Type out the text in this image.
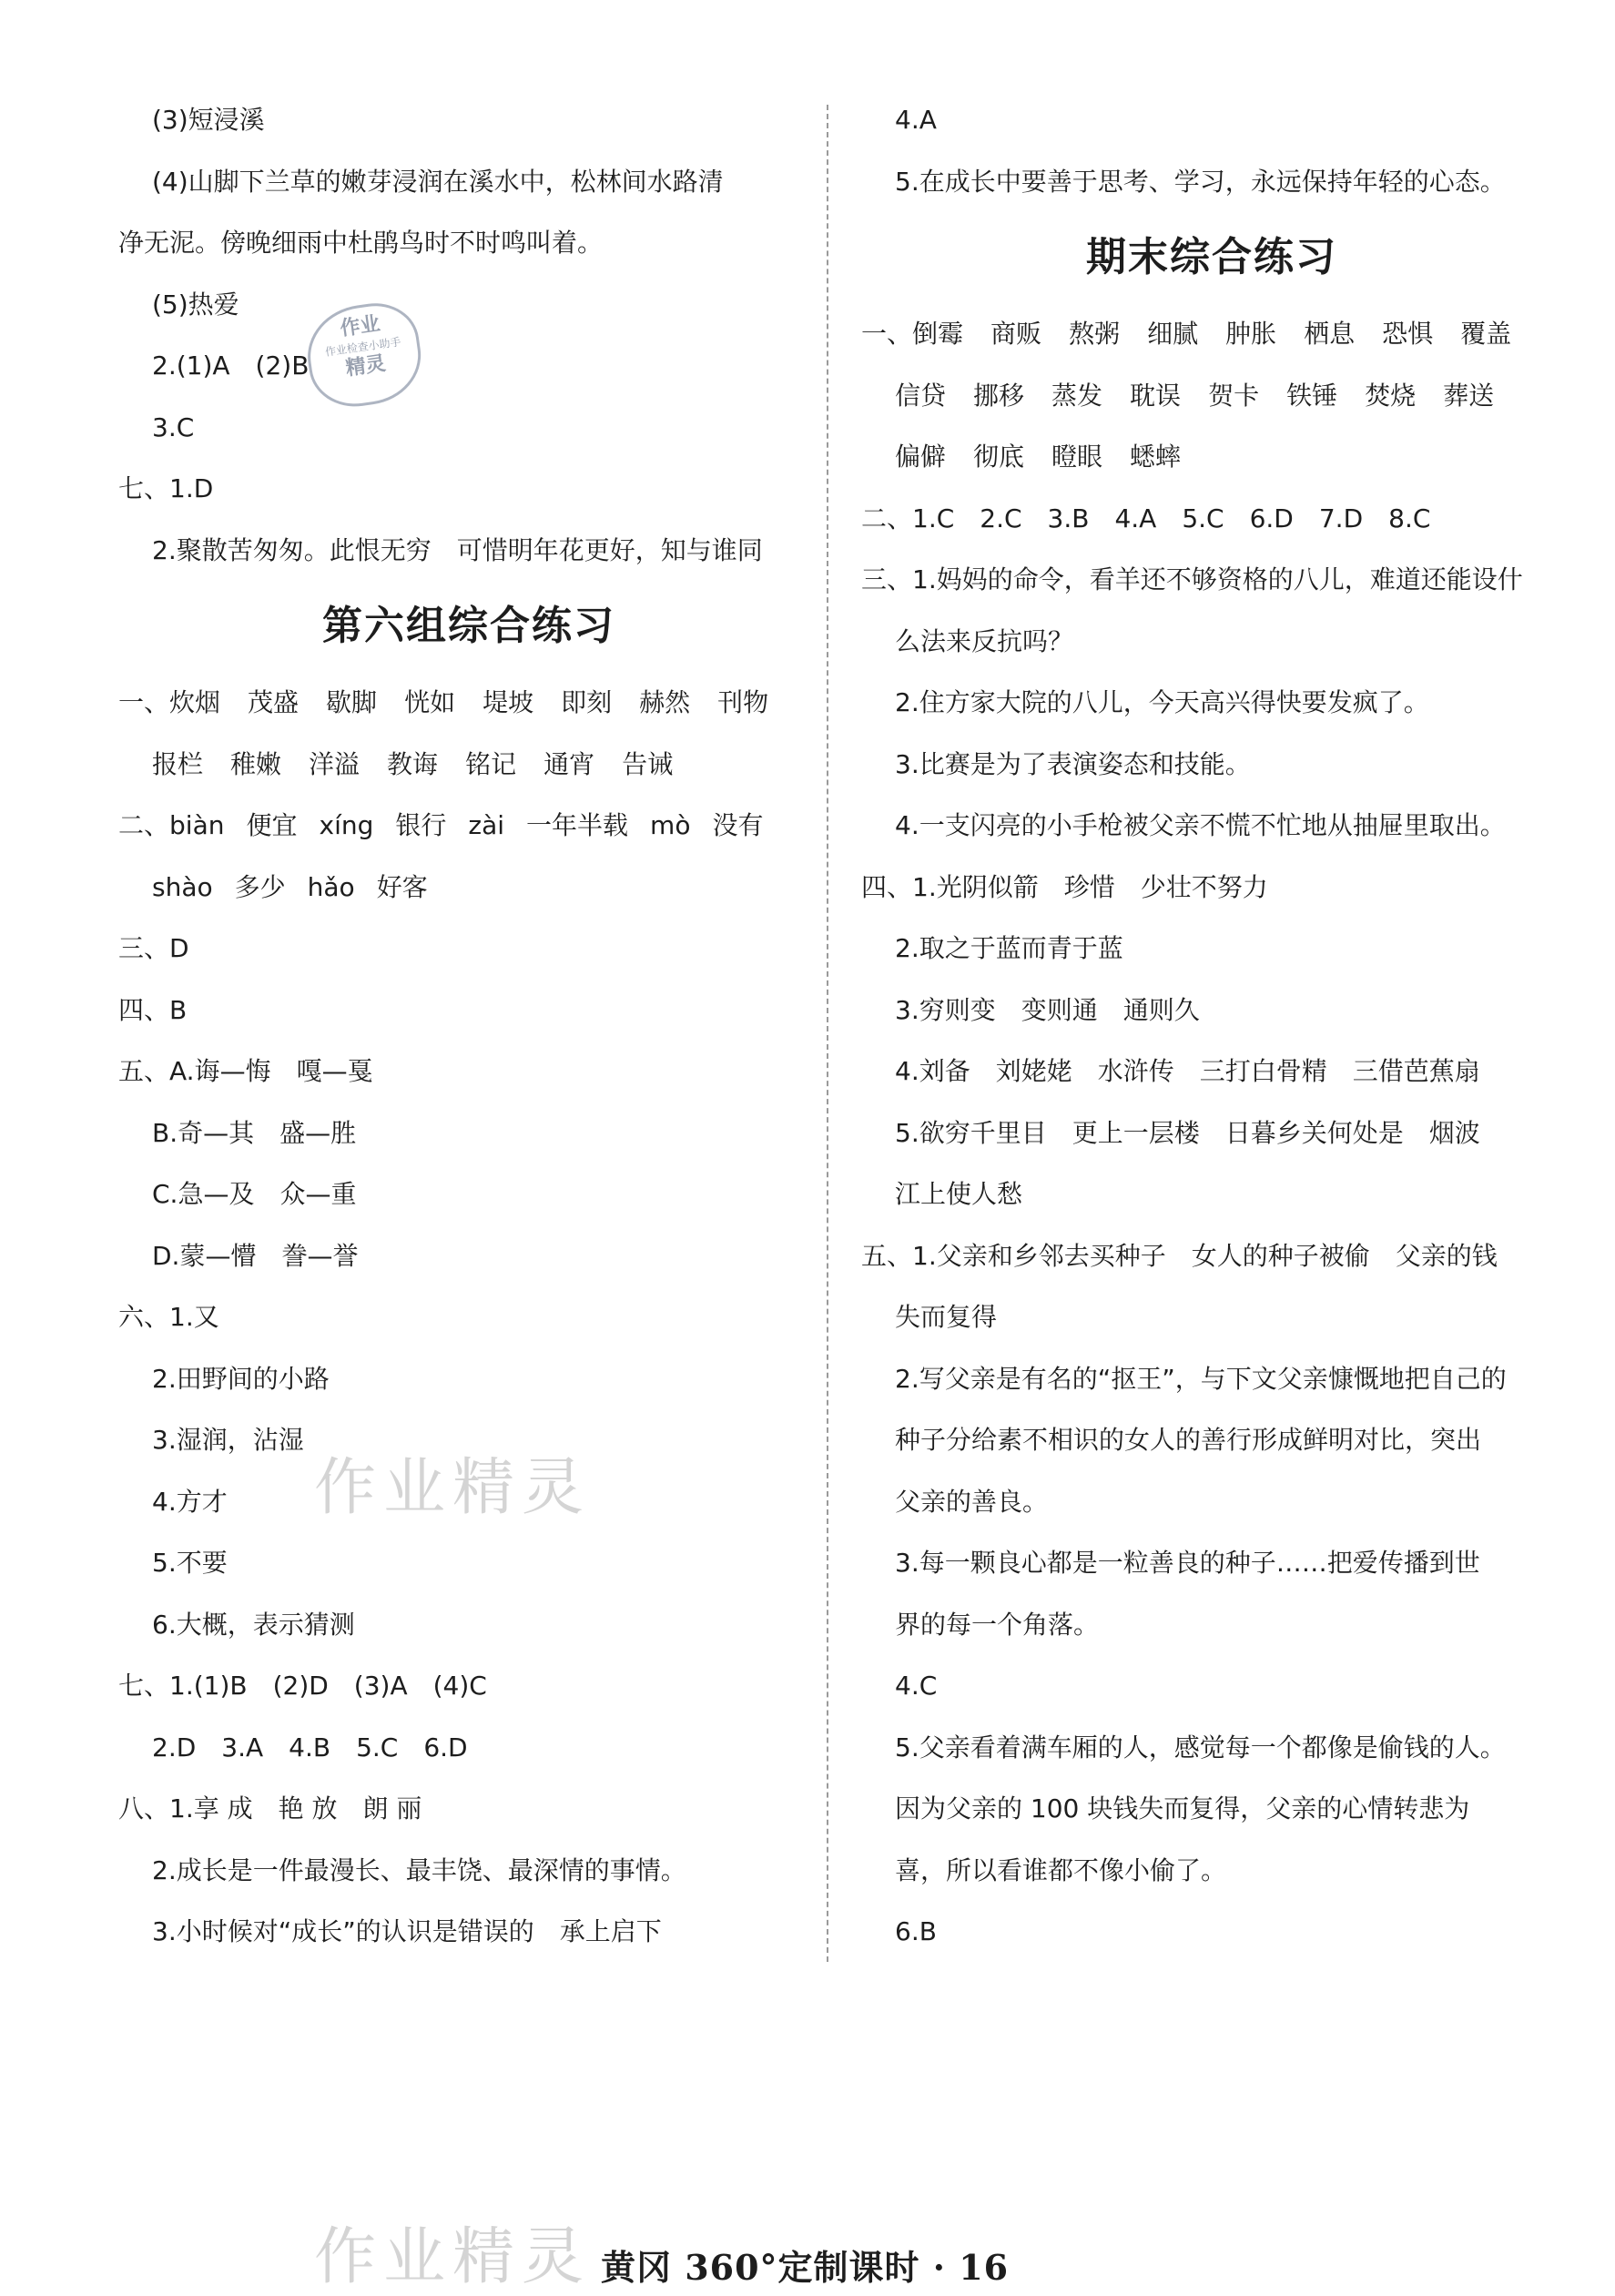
(3)短浸溪
(4)山脚下兰草的嫩芽浸润在溪水中，松林间水路清
净无泥。傍晚细雨中杜鹃鸟时不时鸣叫着。
(5)热爱
2.(1)A　(2)B
3.C
七、1.D
2.聚散苦匆匆。此恨无穷　可惜明年花更好，知与谁同
第六组综合练习
一、炊烟 茂盛 歇脚 恍如 堤坡 即刻 赫然 刊物
报栏 稚嫩 洋溢 教诲 铭记 通宵 告诫
二、biàn 便宜 xíng 银行 zài 一年半载 mò 没有
shào 多少 hǎo 好客
三、D
四、B
五、A.诲—悔　嘎—戛
B.奇—其　盛—胜
C.急—及　众—重
D.蒙—懵　誊—誉
六、1.又
2.田野间的小路
3.湿润，沾湿
4.方才
5.不要
6.大概，表示猜测
七、1.(1)B　(2)D　(3)A　(4)C
2.D　3.A　4.B　5.C　6.D
八、1.享 成　艳 放　朗 丽
2.成长是一件最漫长、最丰饶、最深情的事情。
3.小时候对“成长”的认识是错误的　承上启下
4.A
5.在成长中要善于思考、学习，永远保持年轻的心态。
期末综合练习
一、倒霉 商贩 熬粥 细腻 肿胀 栖息 恐惧 覆盖
信贷 挪移 蒸发 耽误 贺卡 铁锤 焚烧 葬送
偏僻 彻底 瞪眼 蟋蟀
二、1.C　2.C　3.B　4.A　5.C　6.D　7.D　8.C
三、1.妈妈的命令，看羊还不够资格的八儿，难道还能设什
么法来反抗吗？
2.住方家大院的八儿，今天高兴得快要发疯了。
3.比赛是为了表演姿态和技能。
4.一支闪亮的小手枪被父亲不慌不忙地从抽屉里取出。
四、1.光阴似箭　珍惜　少壮不努力
2.取之于蓝而青于蓝
3.穷则变　变则通　通则久
4.刘备　刘姥姥　水浒传　三打白骨精　三借芭蕉扇
5.欲穷千里目　更上一层楼　日暮乡关何处是　烟波
江上使人愁
五、1.父亲和乡邻去买种子　女人的种子被偷　父亲的钱
失而复得
2.写父亲是有名的“抠王”，与下文父亲慷慨地把自己的
种子分给素不相识的女人的善行形成鲜明对比，突出
父亲的善良。
3.每一颗良心都是一粒善良的种子……把爱传播到世
界的每一个角落。
4.C
5.父亲看着满车厢的人，感觉每一个都像是偷钱的人。
因为父亲的 100 块钱失而复得，父亲的心情转悲为
喜，所以看谁都不像小偷了。
6.B
作业
作业检查小助手
精灵
作业精灵
作业精灵 黄冈 360°定制课时 · 16
